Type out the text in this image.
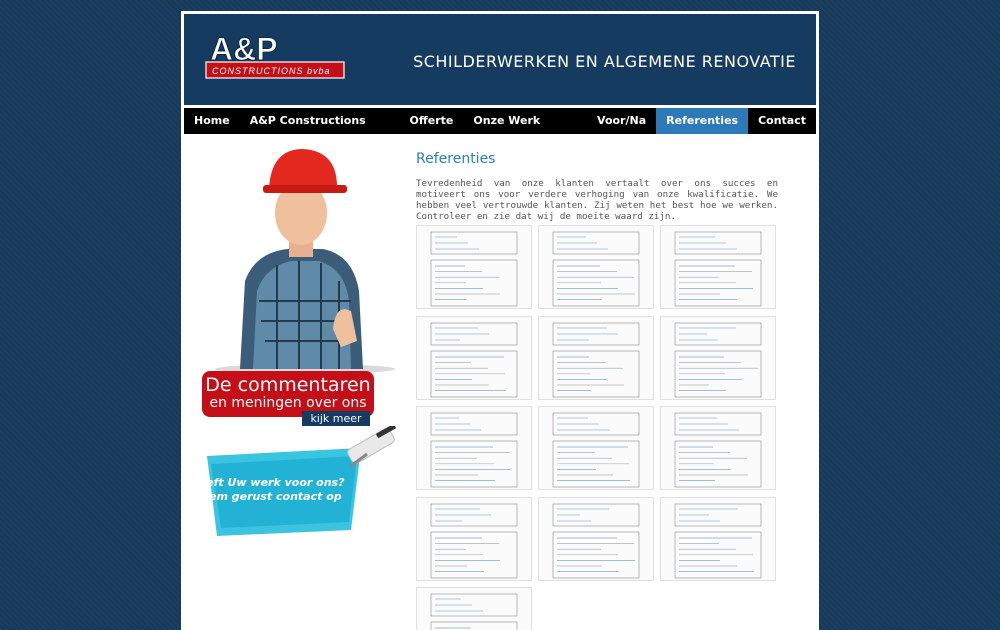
A&P
CONSTRUCTIONS bvba	SCHILDERWERKEN EN ALGEMENE RENOVATIE
Home	A&P Constructions bvba
Offerte	Onze Werk Galerij
Voor/Na	Referenties	Contact
De commentaren
en meningen over ons
kijk meer
Heeft Uw werk voor ons?
Neem gerust contact op
Referenties
Tevredenheid van onze klanten vertaalt over ons succes en motiveert ons voor verdere verhoging van onze kwalificatie. We hebben veel vertrouwde klanten. Zij weten het best hoe we werken. Controleer en zie dat wij de moeite waard zijn.
